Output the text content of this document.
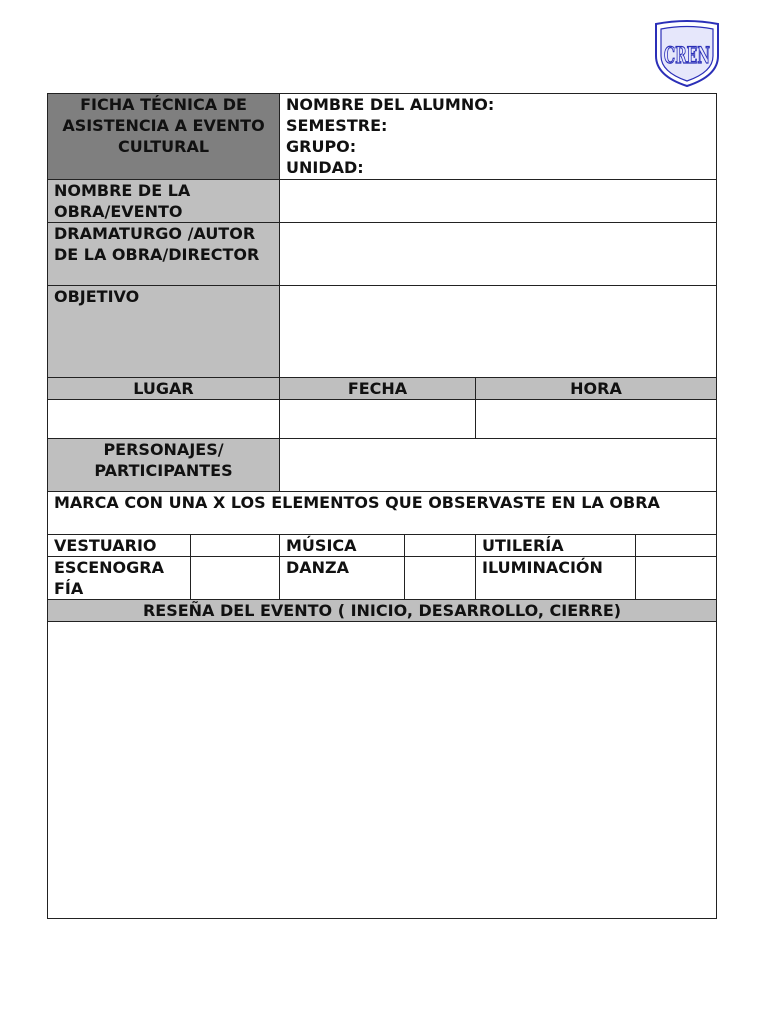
CREN
FICHA TÉCNICA DE ASISTENCIA A EVENTO CULTURAL		NOMBRE DEL ALUMNO:
SEMESTRE:
GRUPO:
UNIDAD:			

NOMBRE DE LA OBRA/EVENTO					
DRAMATURGO /AUTOR DE LA OBRA/DIRECTOR					
OBJETIVO					
LUGAR		FECHA		HORA	

PERSONAJES/ PARTICIPANTES					
MARCA CON UNA X LOS ELEMENTOS QUE OBSERVASTE EN LA OBRA					
VESTUARIO		MÚSICA		UTILERÍA	
ESCENOGRA FÍA		DANZA		ILUMINACIÓN	
RESEÑA DEL EVENTO ( INICIO, DESARROLLO, CIERRE)					
